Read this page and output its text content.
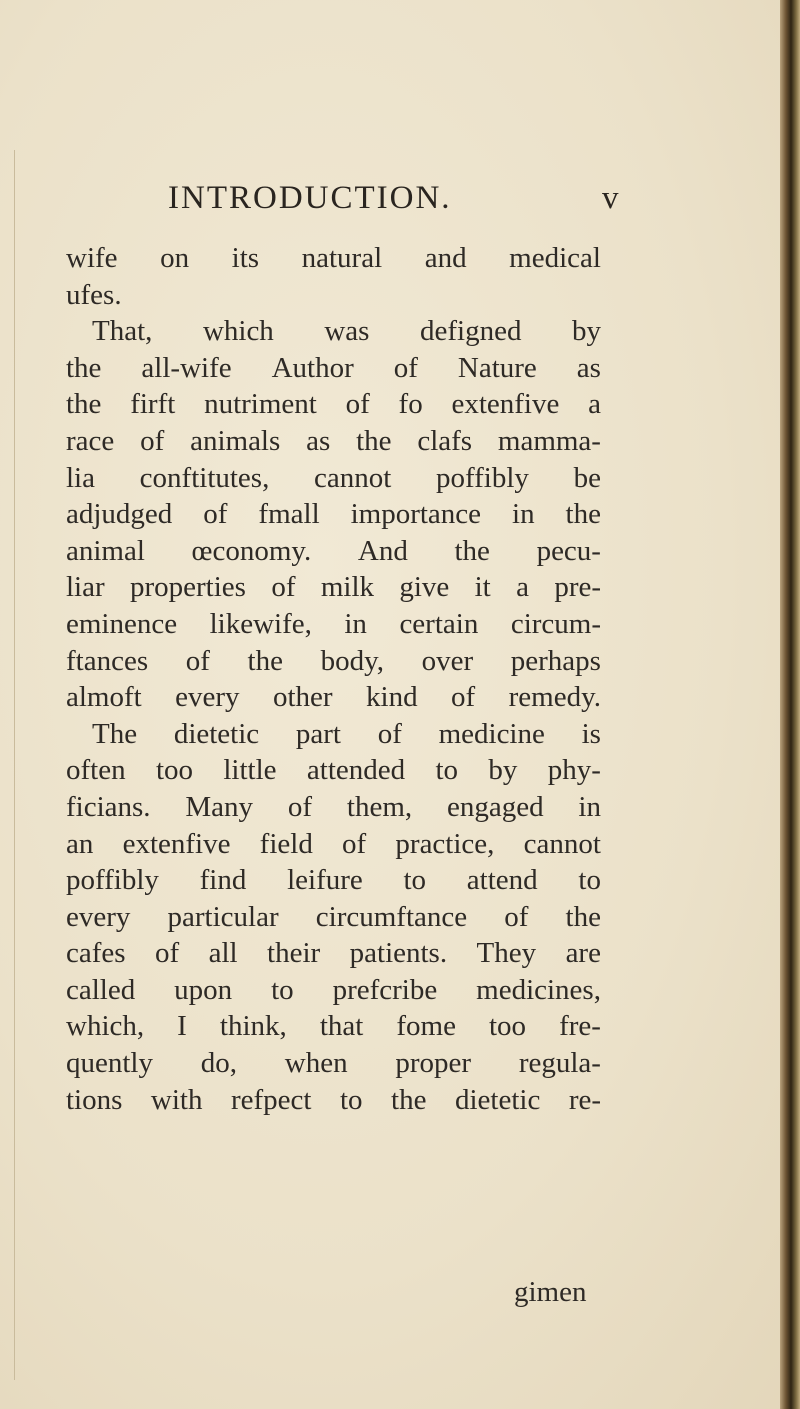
INTRODUCTION.	v
wife on its natural and medical
ufes.
That, which was defigned by
the all-wife Author of Nature as
the firft nutriment of fo extenfive a
race of animals as the clafs mamma-
lia conftitutes, cannot poffibly be
adjudged of fmall importance in the
animal œconomy. And the pecu-
liar properties of milk give it a pre-
eminence likewife, in certain circum-
ftances of the body, over perhaps
almoft every other kind of remedy.
The dietetic part of medicine is
often too little attended to by phy-
ficians. Many of them, engaged in
an extenfive field of practice, cannot
poffibly find leifure to attend to
every particular circumftance of the
cafes of all their patients. They are
called upon to prefcribe medicines,
which, I think, that fome too fre-
quently do, when proper regula-
tions with refpect to the dietetic re-
gimen
